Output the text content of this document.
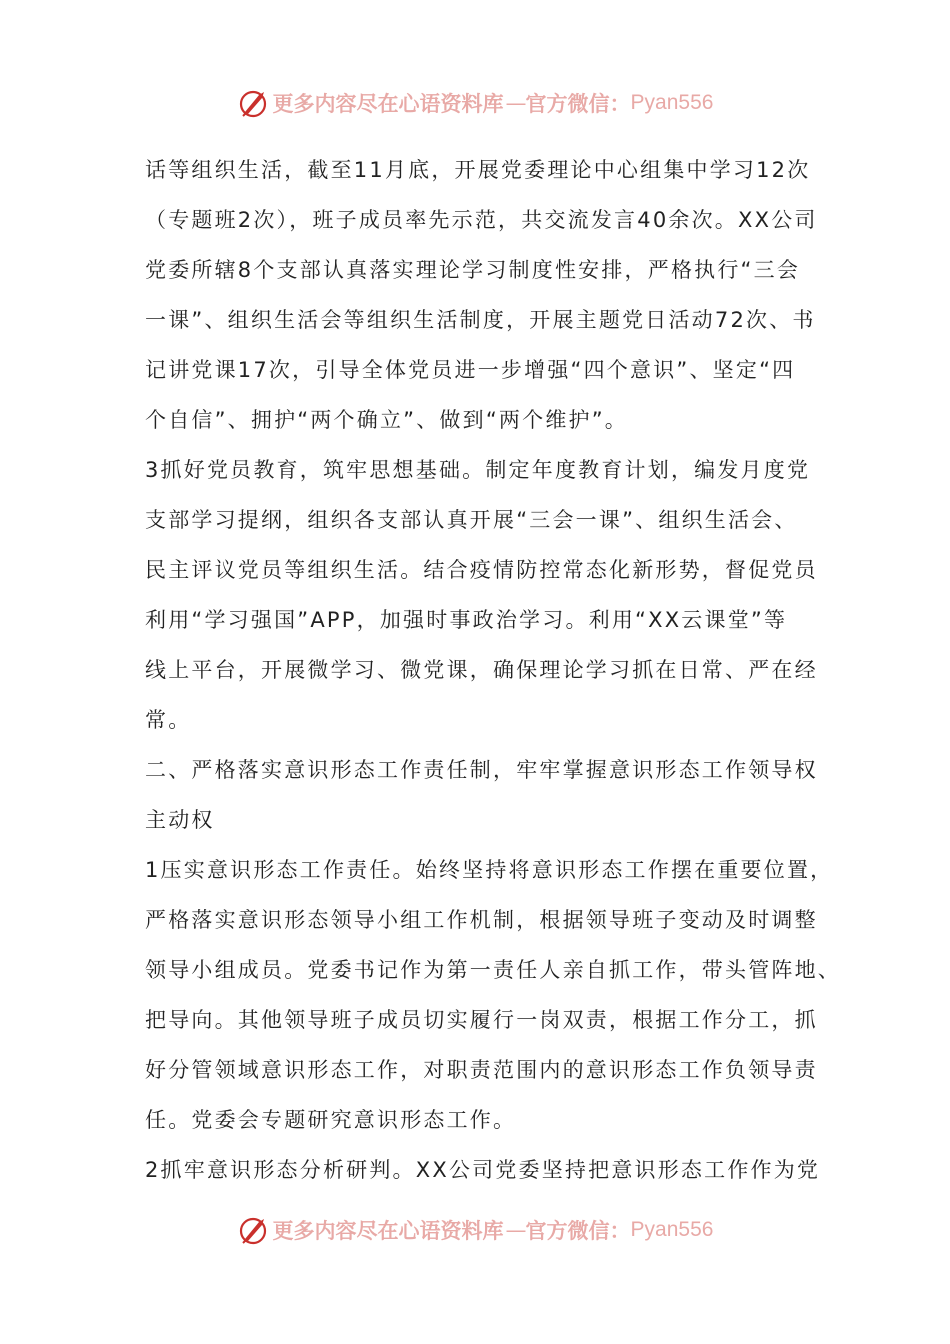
更多内容尽在心语资料库 — 官方微信： Pyan556
话等组织生活，截至11月底，开展党委理论中心组集中学习12次
（专题班2次），班子成员率先示范，共交流发言40余次。XX公司
党委所辖8个支部认真落实理论学习制度性安排，严格执行“三会
一课”、组织生活会等组织生活制度，开展主题党日活动72次、书
记讲党课17次，引导全体党员进一步增强“四个意识”、坚定“四
个自信”、拥护“两个确立”、做到“两个维护”。
3抓好党员教育，筑牢思想基础。制定年度教育计划，编发月度党
支部学习提纲，组织各支部认真开展“三会一课”、组织生活会、
民主评议党员等组织生活。结合疫情防控常态化新形势，督促党员
利用“学习强国”APP，加强时事政治学习。利用“XX云课堂”等
线上平台，开展微学习、微党课，确保理论学习抓在日常、严在经
常。
二、严格落实意识形态工作责任制，牢牢掌握意识形态工作领导权
主动权
1压实意识形态工作责任。始终坚持将意识形态工作摆在重要位置，
严格落实意识形态领导小组工作机制，根据领导班子变动及时调整
领导小组成员。党委书记作为第一责任人亲自抓工作，带头管阵地、
把导向。其他领导班子成员切实履行一岗双责，根据工作分工，抓
好分管领域意识形态工作，对职责范围内的意识形态工作负领导责
任。党委会专题研究意识形态工作。
2抓牢意识形态分析研判。XX公司党委坚持把意识形态工作作为党
更多内容尽在心语资料库 — 官方微信： Pyan556
